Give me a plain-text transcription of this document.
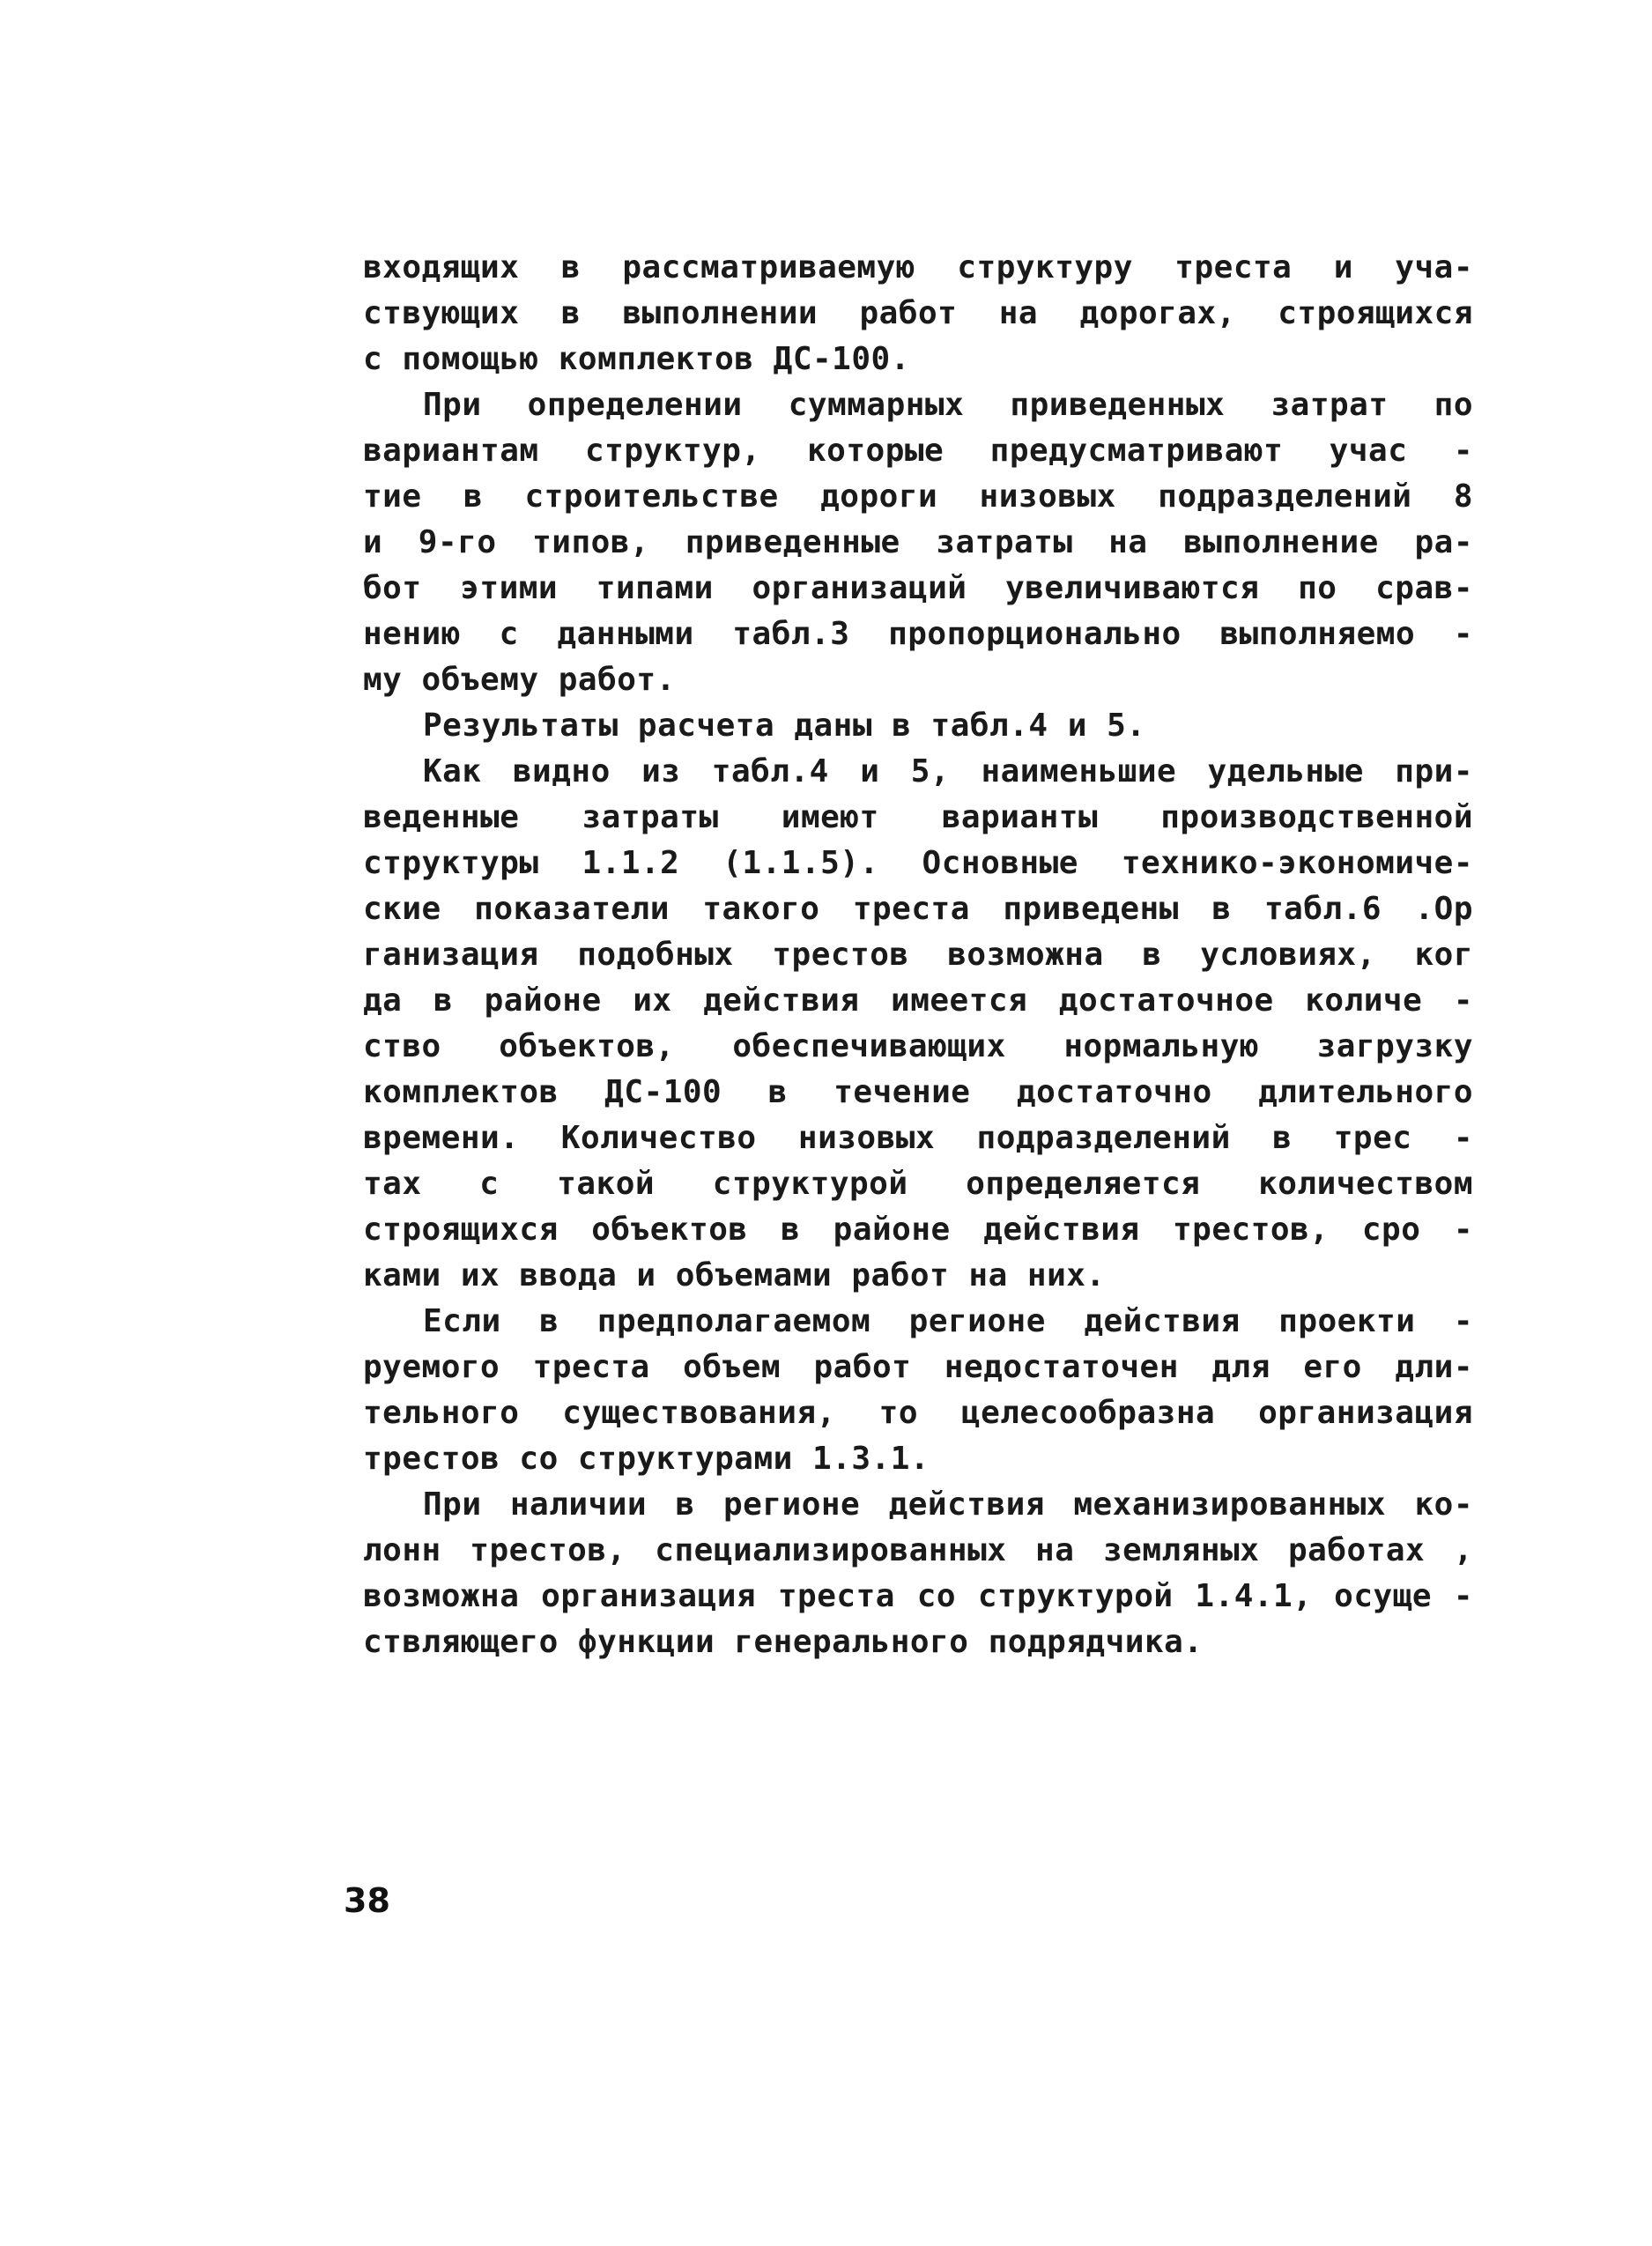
входящих в рассматриваемую структуру треста и уча-
ствующих в выполнении работ на дорогах, строящихся
с помощью комплектов ДС-100.
При определении суммарных приведенных затрат по
вариантам структур, которые предусматривают учас -
тие в строительстве дороги низовых подразделений 8
и 9-го типов, приведенные затраты на выполнение ра-
бот этими типами организаций увеличиваются по срав-
нению с данными табл.3 пропорционально выполняемо -
му объему работ.
Результаты расчета даны в табл.4 и 5.
Как видно из табл.4 и 5, наименьшие удельные при-
веденные затраты имеют варианты производственной
структуры 1.1.2 (1.1.5). Основные технико-экономиче-
ские показатели такого треста приведены в табл.6 .Ор
ганизация подобных трестов возможна в условиях, ког
да в районе их действия имеется достаточное количе -
ство объектов, обеспечивающих нормальную загрузку
комплектов ДС-100 в течение достаточно длительного
времени. Количество низовых подразделений в трес -
тах с такой структурой определяется количеством
строящихся объектов в районе действия трестов, сро -
ками их ввода и объемами работ на них.
Если в предполагаемом регионе действия проекти -
руемого треста объем работ недостаточен для его дли-
тельного существования, то целесообразна организация
трестов со структурами 1.3.1.
При наличии в регионе действия механизированных ко-
лонн трестов, специализированных на земляных работах ,
возможна организация треста со структурой 1.4.1, осуще -
ствляющего функции генерального подрядчика.
38
